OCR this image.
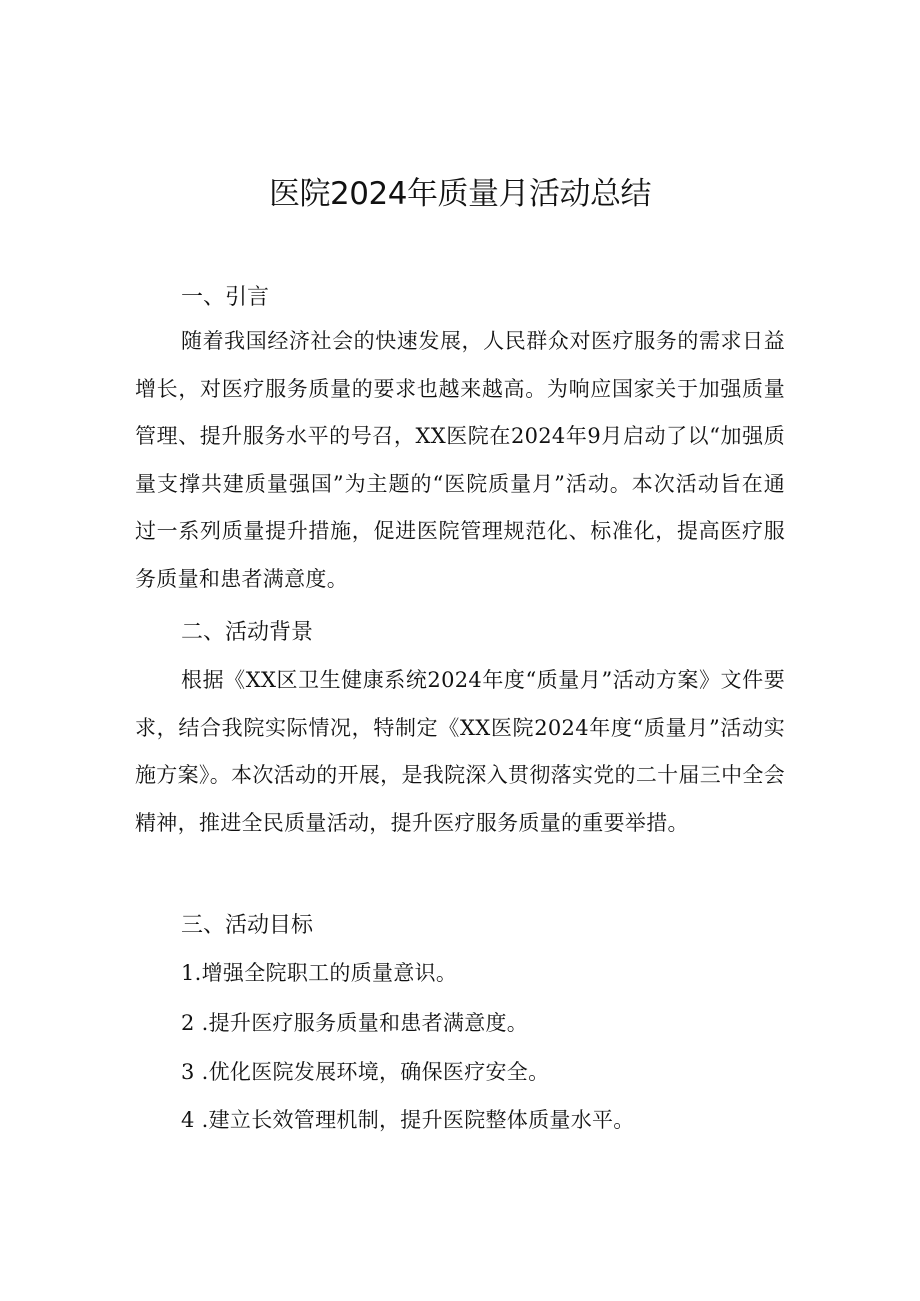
医院2024年质量月活动总结
一、引言
随着我国经济社会的快速发展，人民群众对医疗服务的需求日益增长，对医疗服务质量的要求也越来越高。为响应国家关于加强质量管理、提升服务水平的号召，XX医院在2024年9月启动了以“加强质量支撑共建质量强国”为主题的“医院质量月”活动。本次活动旨在通过一系列质量提升措施，促进医院管理规范化、标准化，提高医疗服务质量和患者满意度。
二、活动背景
根据《XX区卫生健康系统2024年度“质量月”活动方案》文件要求，结合我院实际情况，特制定《XX医院2024年度“质量月”活动实施方案》。本次活动的开展，是我院深入贯彻落实党的二十届三中全会精神，推进全民质量活动，提升医疗服务质量的重要举措。
三、活动目标
1.增强全院职工的质量意识。
2 .提升医疗服务质量和患者满意度。
3 .优化医院发展环境，确保医疗安全。
4 .建立长效管理机制，提升医院整体质量水平。
